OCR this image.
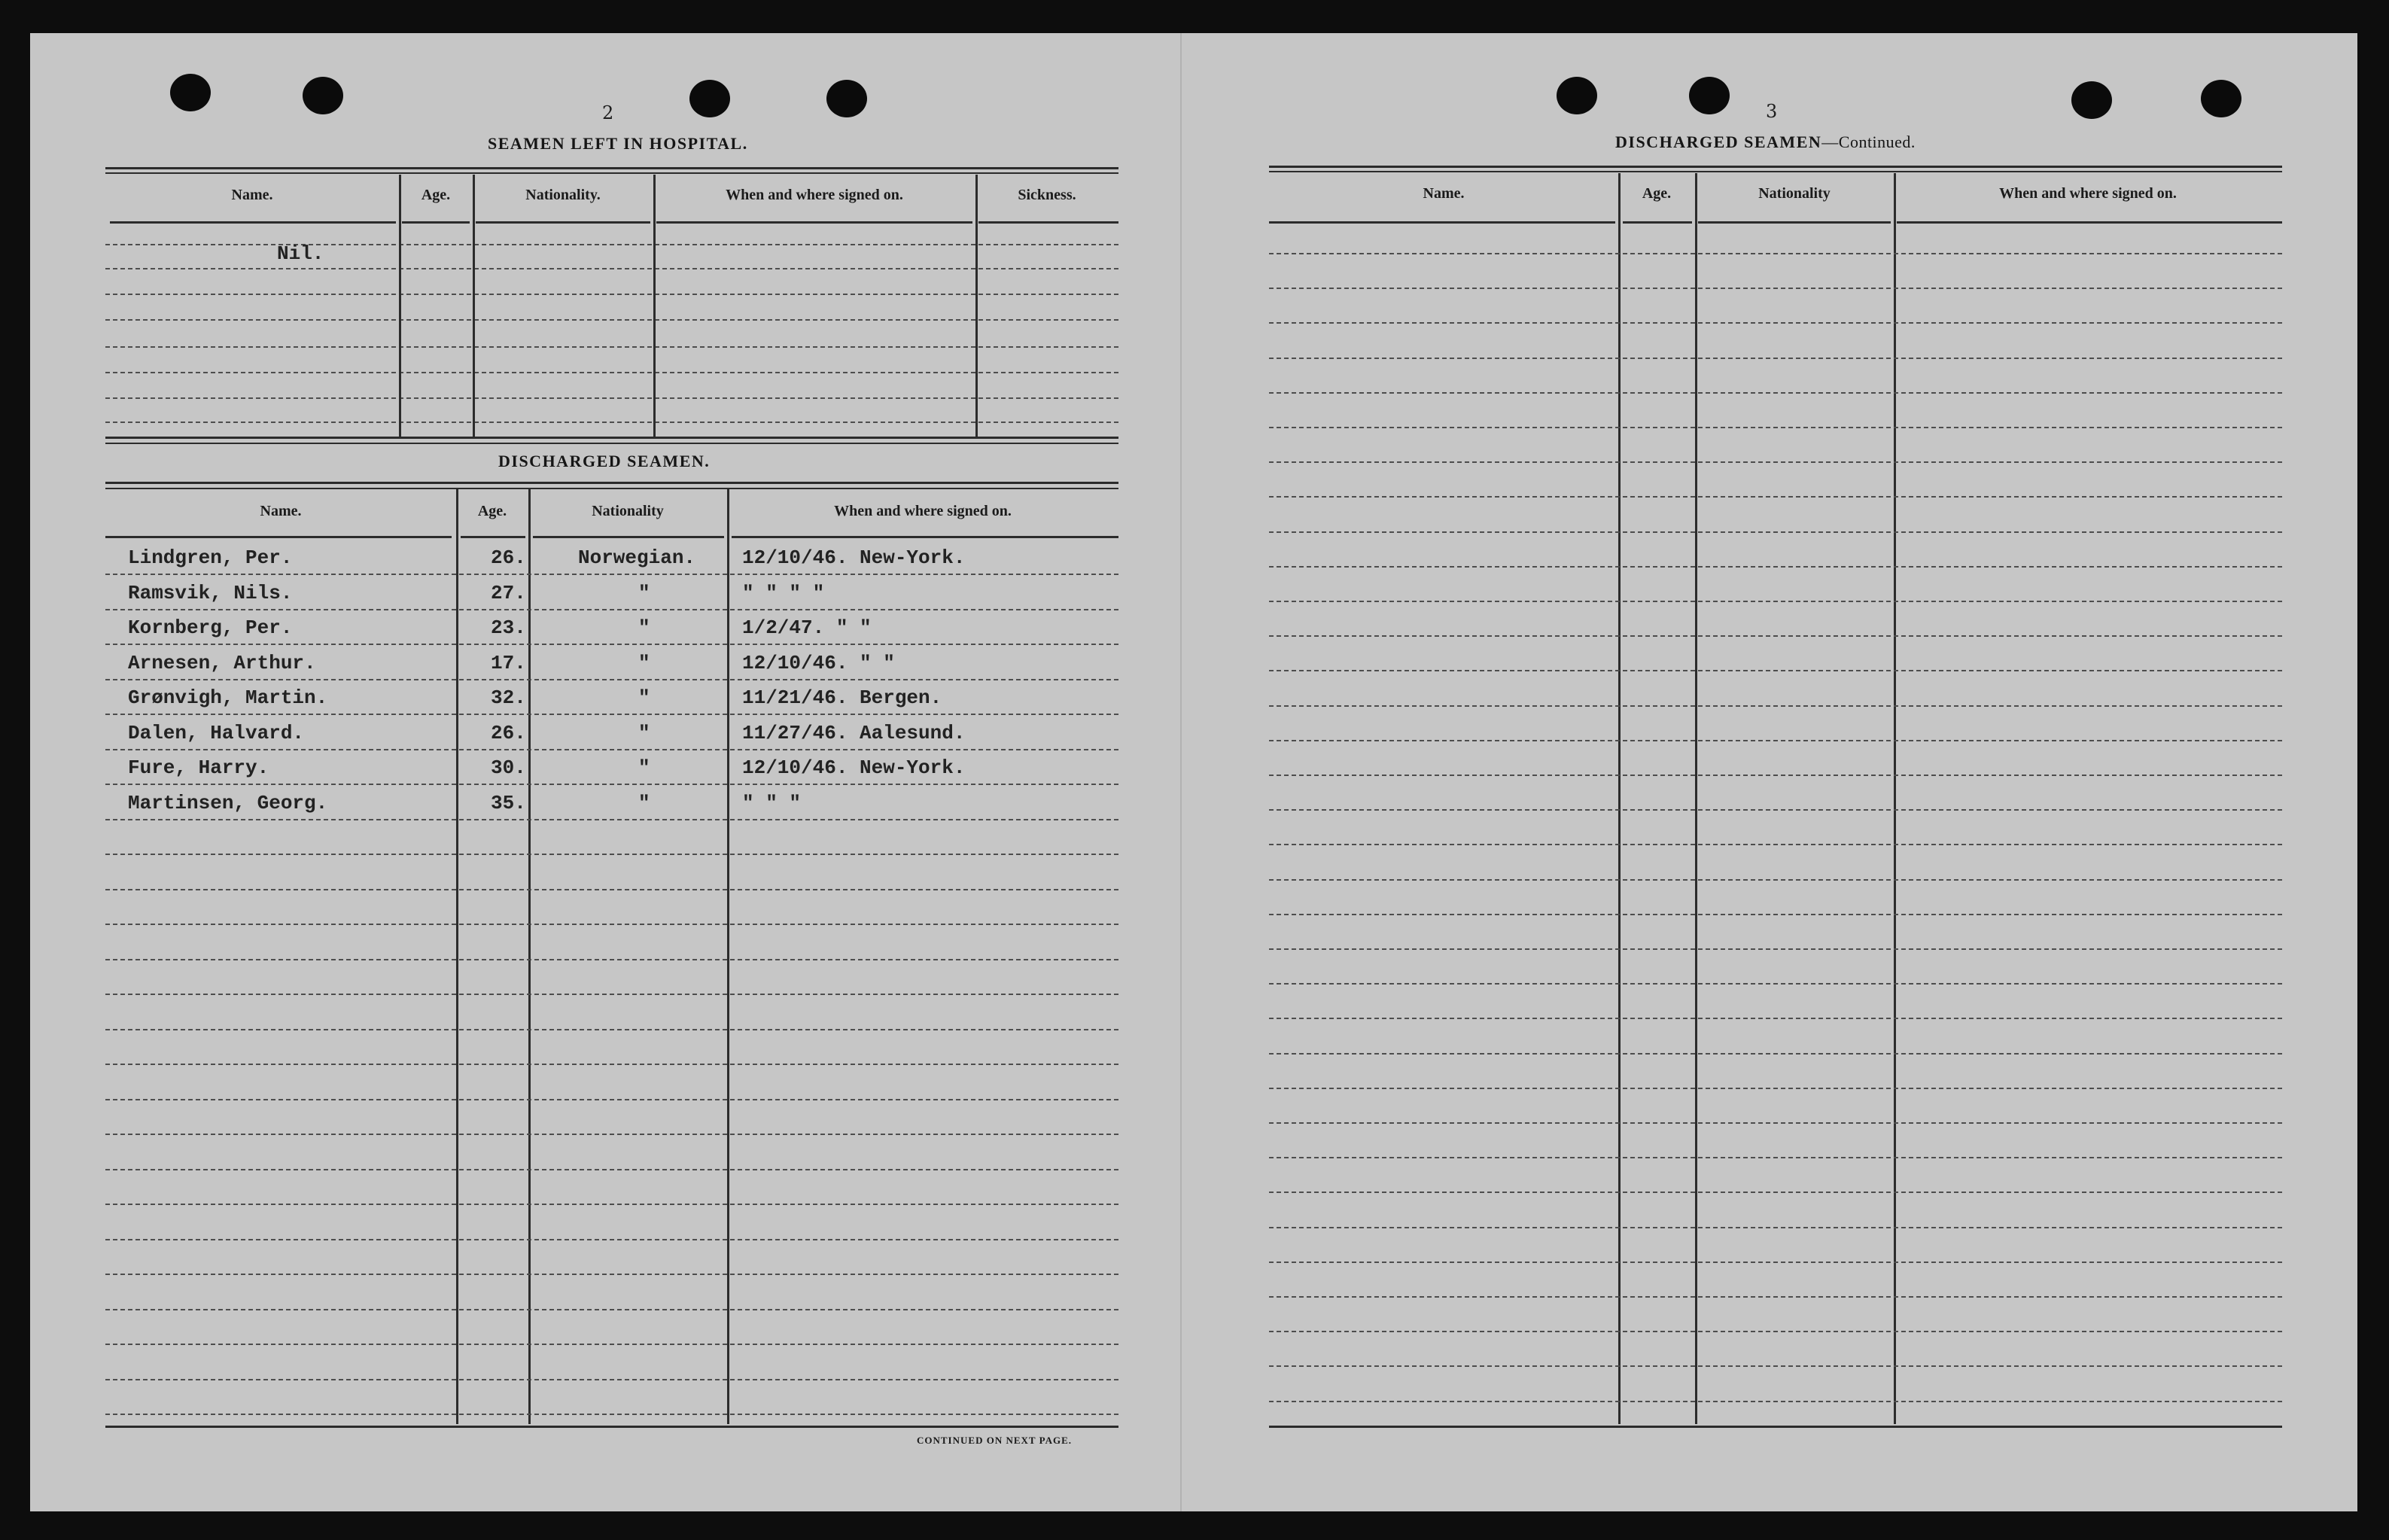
2
SEAMEN LEFT IN HOSPITAL.
DISCHARGED SEAMEN.
CONTINUED ON NEXT PAGE.
3
DISCHARGED SEAMEN—Continued.
Name.	Age.	Nationality.	When and where signed on.	Sickness.
Nil.
Name.	Age.	Nationality	When and where signed on.
Lindgren, Per.	26.	Norwegian. 12/10/46. New-York.
Ramsvik, Nils.	27.	"	" " " "
Kornberg, Per.	23.	"	1/2/47. " "
Arnesen, Arthur.	17.	"	12/10/46. " "
Grønvigh, Martin.	32.	"	11/21/46. Bergen.
Dalen, Halvard.	26.	"	11/27/46. Aalesund.
Fure, Harry.	30.	"	12/10/46. New-York.
Martinsen, Georg.	35.	"	" " "
Name.	Age.	Nationality	When and where signed on.
